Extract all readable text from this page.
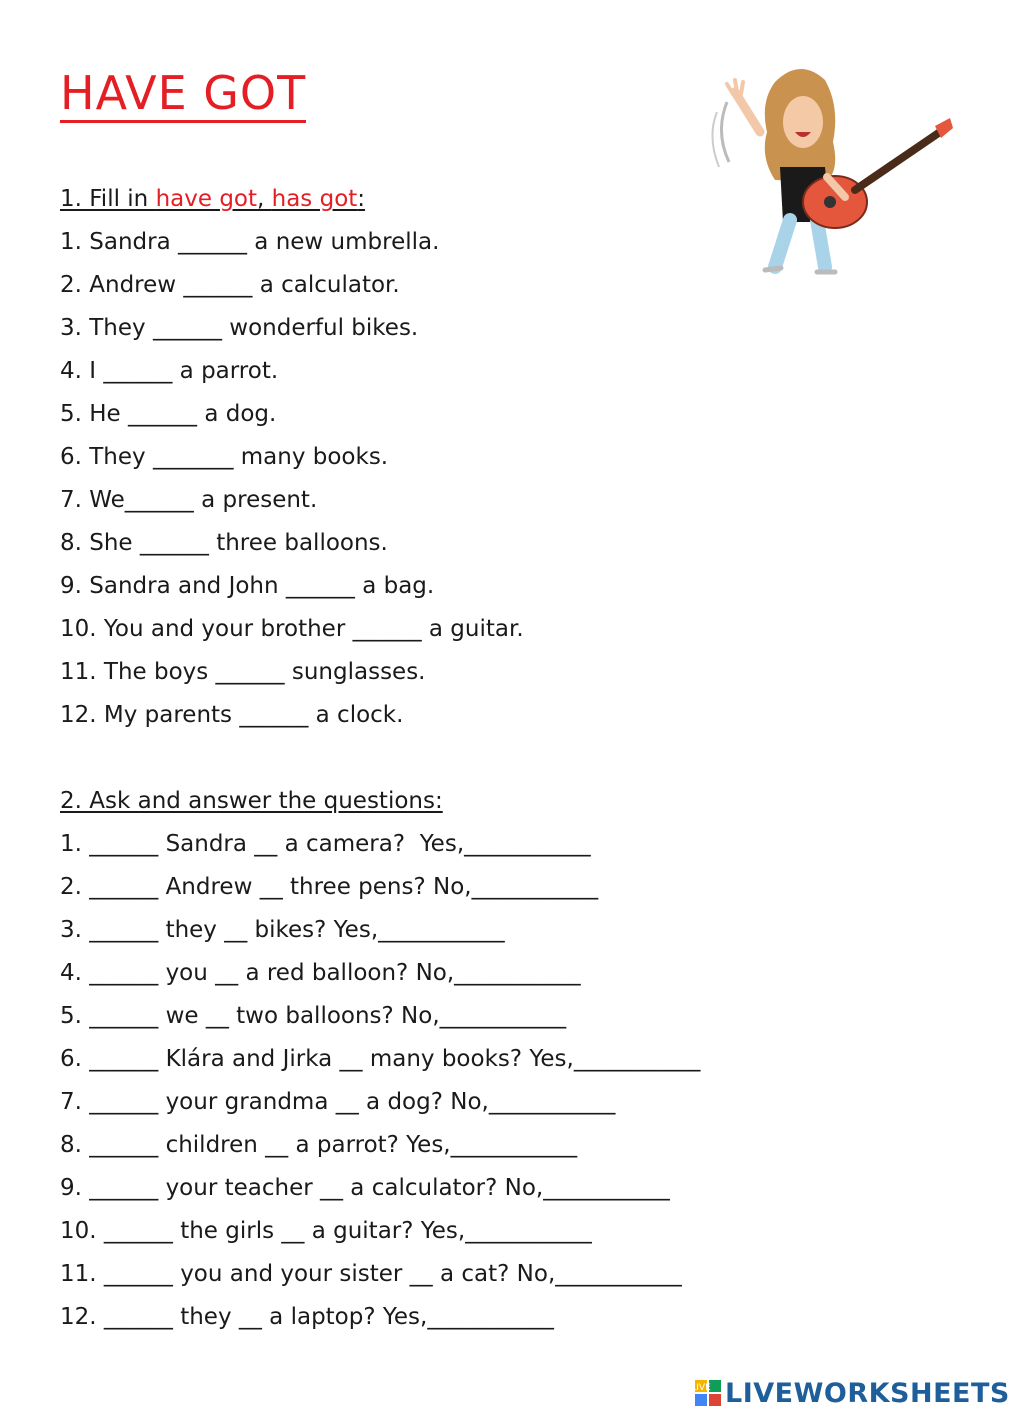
HAVE GOT
1. Fill in have got, has got:
1. Sandra ______ a new umbrella.
2. Andrew ______ a calculator.
3. They ______ wonderful bikes.
4. I ______ a parrot.
5. He ______ a dog.
6. They _______ many books.
7. We______ a present.
8. She ______ three balloons.
9. Sandra and John ______ a bag.
10. You and your brother ______ a guitar.
11. The boys ______ sunglasses.
12. My parents ______ a clock.
2. Ask and answer the questions:
1. ______ Sandra __ a camera?  Yes,___________
2. ______ Andrew __ three pens? No,___________
3. ______ they __ bikes? Yes,___________
4. ______ you __ a red balloon? No,___________
5. ______ we __ two balloons? No,___________
6. ______ Klára and Jirka __ many books? Yes,___________
7. ______ your grandma __ a dog? No,___________
8. ______ children __ a parrot? Yes,___________
9. ______ your teacher __ a calculator? No,___________
10. ______ the girls __ a guitar? Yes,___________
11. ______ you and your sister __ a cat? No,___________
12. ______ they __ a laptop? Yes,___________
LIVE LIVEWORKSHEETS
